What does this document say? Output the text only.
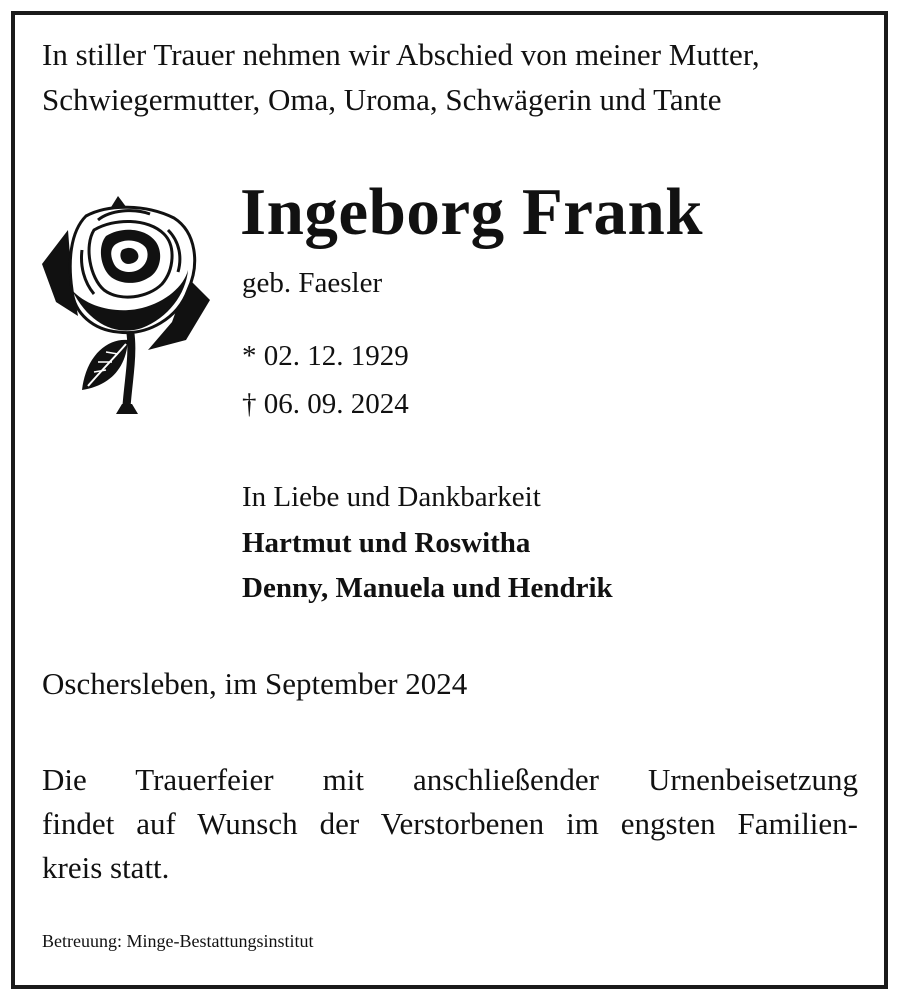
In stiller Trauer nehmen wir Abschied von meiner Mutter,
Schwiegermutter, Oma, Uroma, Schwägerin und Tante

Ingeborg Frank
geb. Faesler
* 02. 12. 1929
† 06. 09. 2024
In Liebe und Dankbarkeit
Hartmut und Roswitha
Denny, Manuela und Hendrik
Oschersleben, im September 2024

Die Trauerfeier mit anschließender Urnenbeisetzung
findet auf Wunsch der Verstorbenen im engsten Familien-
kreis statt.

Betreuung: Minge-Bestattungsinstitut
